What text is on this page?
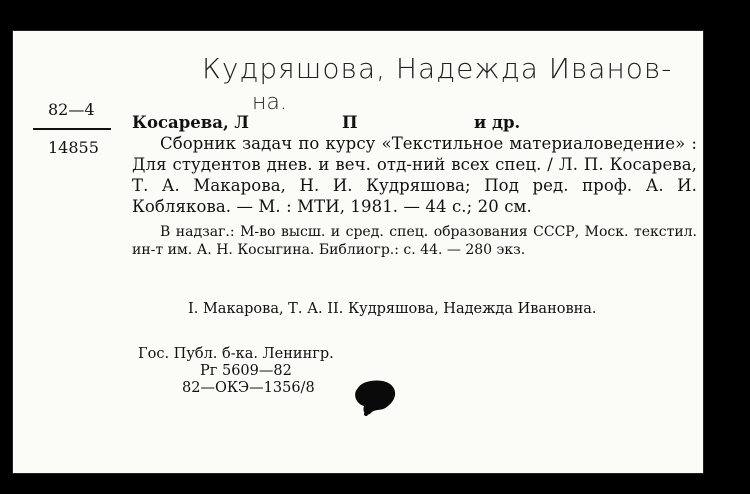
Кудряшова, Надежда Иванов-
на.
82—4
14855
Косарева, Л	П	и др.
Сборник задач по курсу «Текстильное материаловедение» : Для студентов днев. и веч. отд-ний всех спец. / Л. П. Косарева, Т. А. Макарова, Н. И. Кудряшова; Под ред. проф. А. И. Коблякова. — М. : МТИ, 1981. — 44 с.; 20 см.

В надзаг.: М-во высш. и сред. спец. образования СССР, Моск. текстил. ин-т им. А. Н. Косыгина. Библиогр.: с. 44. — 280 экз.

I. Макарова, Т. А. II. Кудряшова, Надежда Ивановна.
Гос. Публ. б-ка. Ленингр.
Рг 5609—82
82—ОКЭ—1356/8
